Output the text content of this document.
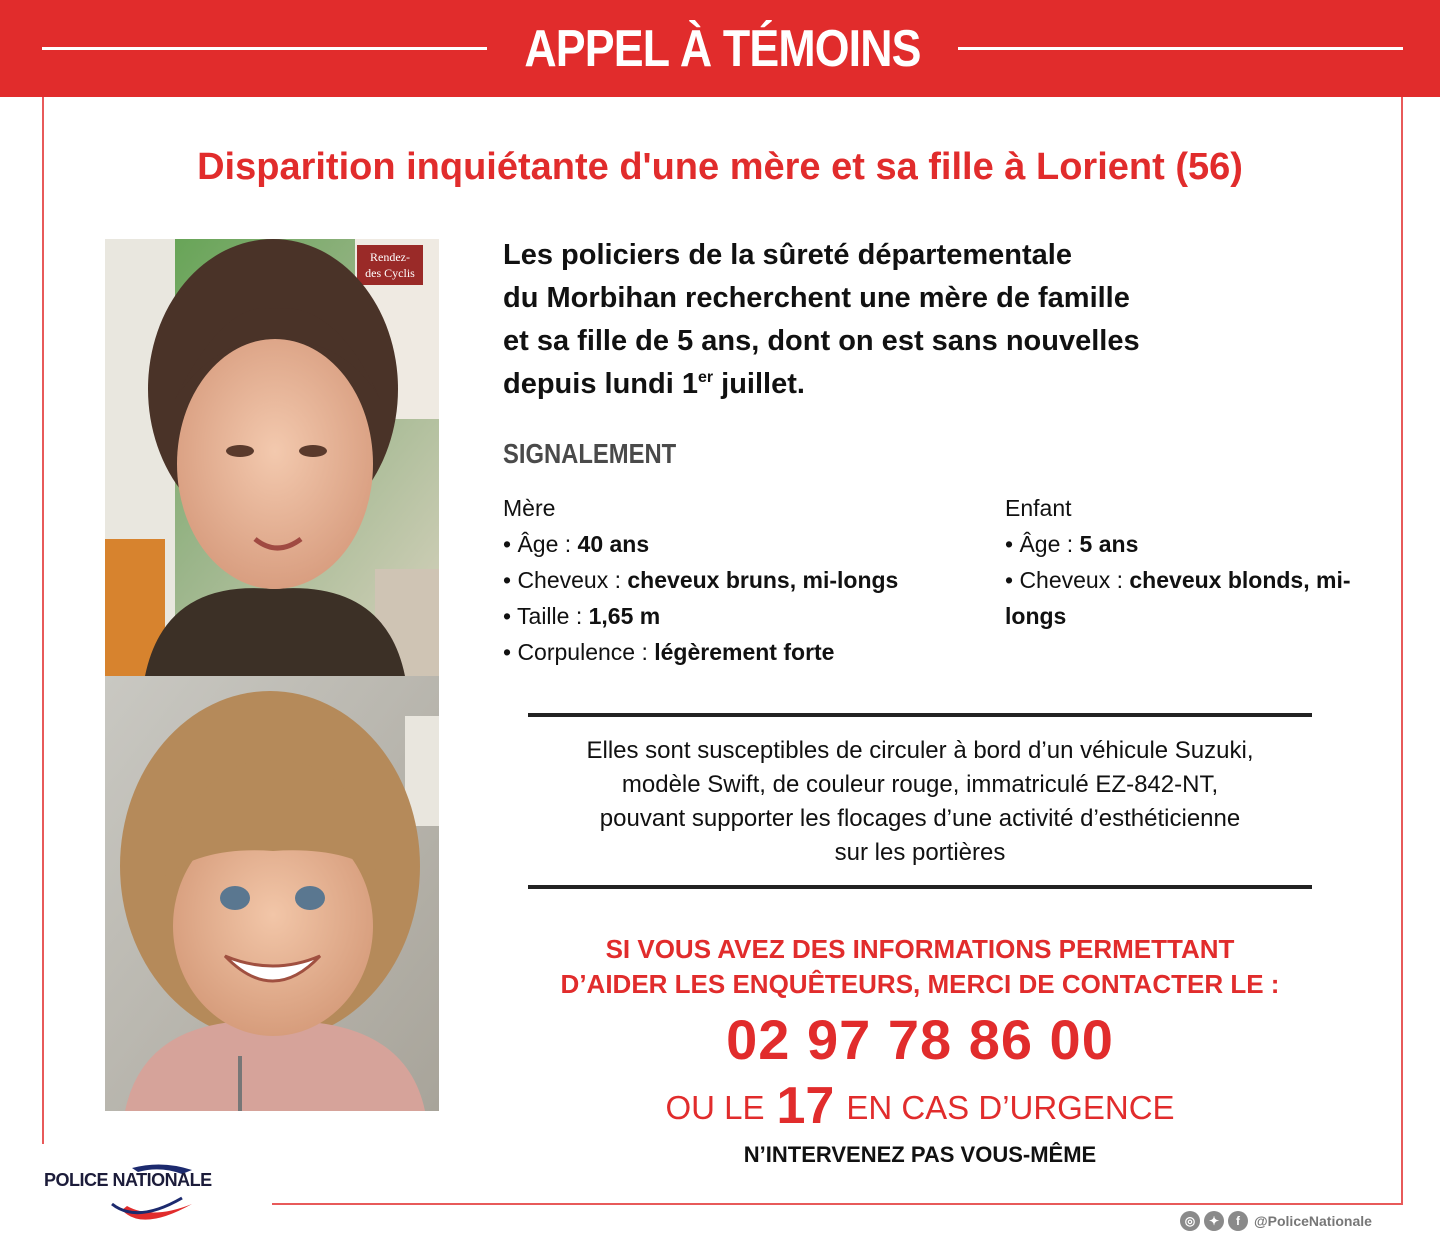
APPEL À TÉMOINS
Disparition inquiétante d'une mère et sa fille à Lorient (56)
Rendez-
des Cyclis
Les policiers de la sûreté départementale
du Morbihan recherchent une mère de famille
et sa fille de 5 ans, dont on est sans nouvelles
depuis lundi 1er juillet.
SIGNALEMENT
Mère
• Âge : 40 ans
• Cheveux : cheveux bruns, mi-longs
• Taille : 1,65 m
• Corpulence : légèrement forte
Enfant
• Âge : 5 ans
• Cheveux : cheveux blonds, mi-longs
Elles sont susceptibles de circuler à bord d’un véhicule Suzuki,
modèle Swift, de couleur rouge, immatriculé EZ-842-NT,
pouvant supporter les flocages d’une activité d’esthéticienne
sur les portières
SI VOUS AVEZ DES INFORMATIONS PERMETTANT
D’AIDER LES ENQUÊTEURS, MERCI DE CONTACTER LE :
02 97 78 86 00
OU LE 17 EN CAS D’URGENCE
N’INTERVENEZ PAS VOUS-MÊME
POLICE NATIONALE
◎ ✦ f @PoliceNationale
